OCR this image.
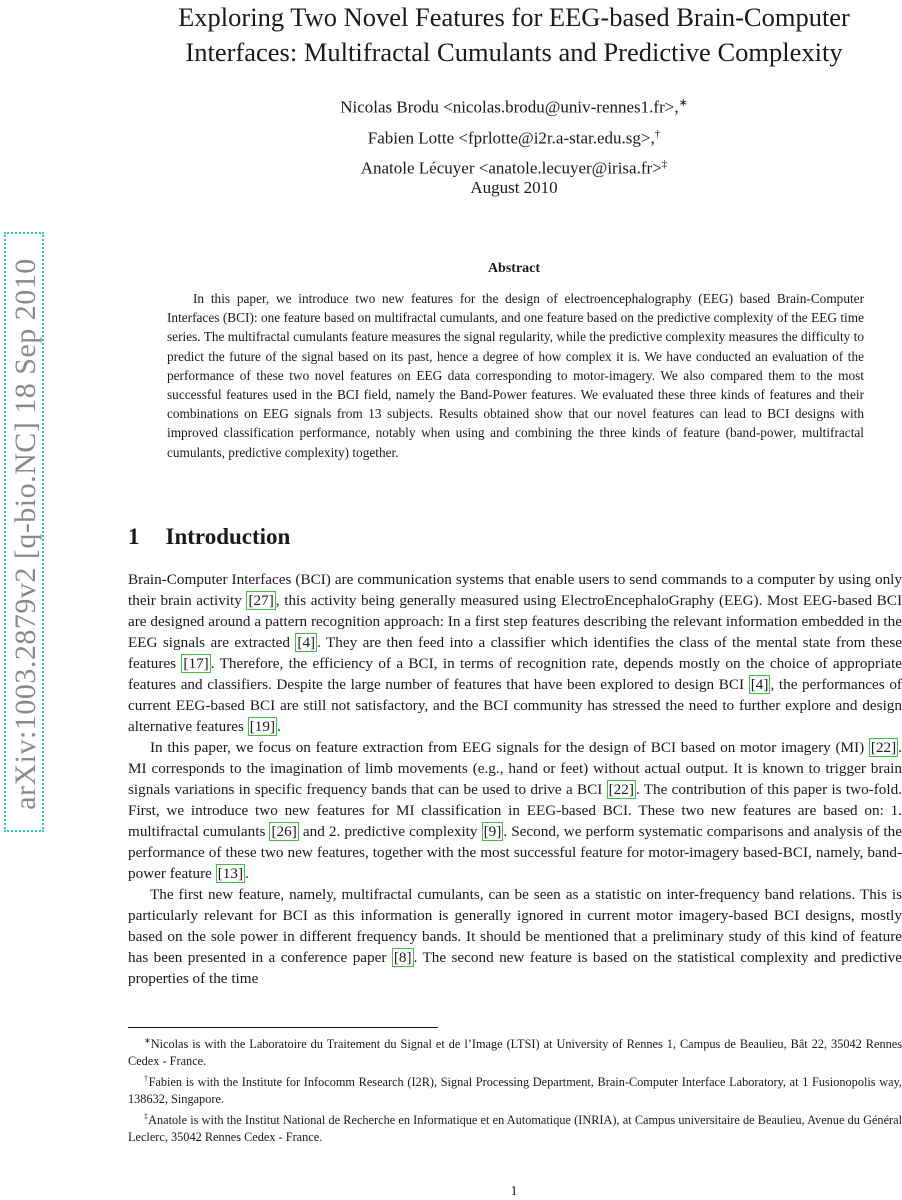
arXiv:1003.2879v2 [q-bio.NC] 18 Sep 2010
Exploring Two Novel Features for EEG-based Brain-Computer
Interfaces: Multifractal Cumulants and Predictive Complexity
Nicolas Brodu <nicolas.brodu@univ-rennes1.fr>,∗
Fabien Lotte <fprlotte@i2r.a-star.edu.sg>,†
Anatole Lécuyer <anatole.lecuyer@irisa.fr>‡
August 2010
Abstract

In this paper, we introduce two new features for the design of electroencephalography (EEG) based Brain-Computer Interfaces (BCI): one feature based on multifractal cumulants, and one feature based on the predictive complexity of the EEG time series. The multifractal cumulants feature measures the signal regularity, while the predictive complexity measures the difficulty to predict the future of the signal based on its past, hence a degree of how complex it is. We have conducted an evaluation of the performance of these two novel features on EEG data corresponding to motor-imagery. We also compared them to the most successful features used in the BCI field, namely the Band-Power features. We evaluated these three kinds of features and their combinations on EEG signals from 13 subjects. Results obtained show that our novel features can lead to BCI designs with improved classification performance, notably when using and combining the three kinds of feature (band-power, multifractal cumulants, predictive complexity) together.

1 Introduction

Brain-Computer Interfaces (BCI) are communication systems that enable users to send commands to a computer by using only their brain activity [27] , this activity being generally measured using ElectroEncephaloGraphy (EEG). Most EEG-based BCI are designed around a pattern recognition approach: In a first step features describing the relevant information embedded in the EEG signals are extracted [4] . They are then feed into a classifier which identifies the class of the mental state from these features [17] . Therefore, the efficiency of a BCI, in terms of recognition rate, depends mostly on the choice of appropriate features and classifiers. Despite the large number of features that have been explored to design BCI [4] , the performances of current EEG-based BCI are still not satisfactory, and the BCI community has stressed the need to further explore and design alternative features [19] .

In this paper, we focus on feature extraction from EEG signals for the design of BCI based on motor imagery (MI) [22] . MI corresponds to the imagination of limb movements (e.g., hand or feet) without actual output. It is known to trigger brain signals variations in specific frequency bands that can be used to drive a BCI [22] . The contribution of this paper is two-fold. First, we introduce two new features for MI classification in EEG-based BCI. These two new features are based on: 1. multifractal cumulants [26] and 2. predictive complexity [9] . Second, we perform systematic comparisons and analysis of the performance of these two new features, together with the most successful feature for motor-imagery based-BCI, namely, band-power feature [13] .

The first new feature, namely, multifractal cumulants, can be seen as a statistic on inter-frequency band relations. This is particularly relevant for BCI as this information is generally ignored in current motor imagery-based BCI designs, mostly based on the sole power in different frequency bands. It should be mentioned that a preliminary study of this kind of feature has been presented in a conference paper [8] . The second new feature is based on the statistical complexity and predictive properties of the time

∗Nicolas is with the Laboratoire du Traitement du Signal et de l’Image (LTSI) at University of Rennes 1, Campus de Beaulieu, Bât 22, 35042 Rennes Cedex - France.

†Fabien is with the Institute for Infocomm Research (I2R), Signal Processing Department, Brain-Computer Interface Laboratory, at 1 Fusionopolis way, 138632, Singapore.

‡Anatole is with the Institut National de Recherche en Informatique et en Automatique (INRIA), at Campus universitaire de Beaulieu, Avenue du Général Leclerc, 35042 Rennes Cedex - France.

1
